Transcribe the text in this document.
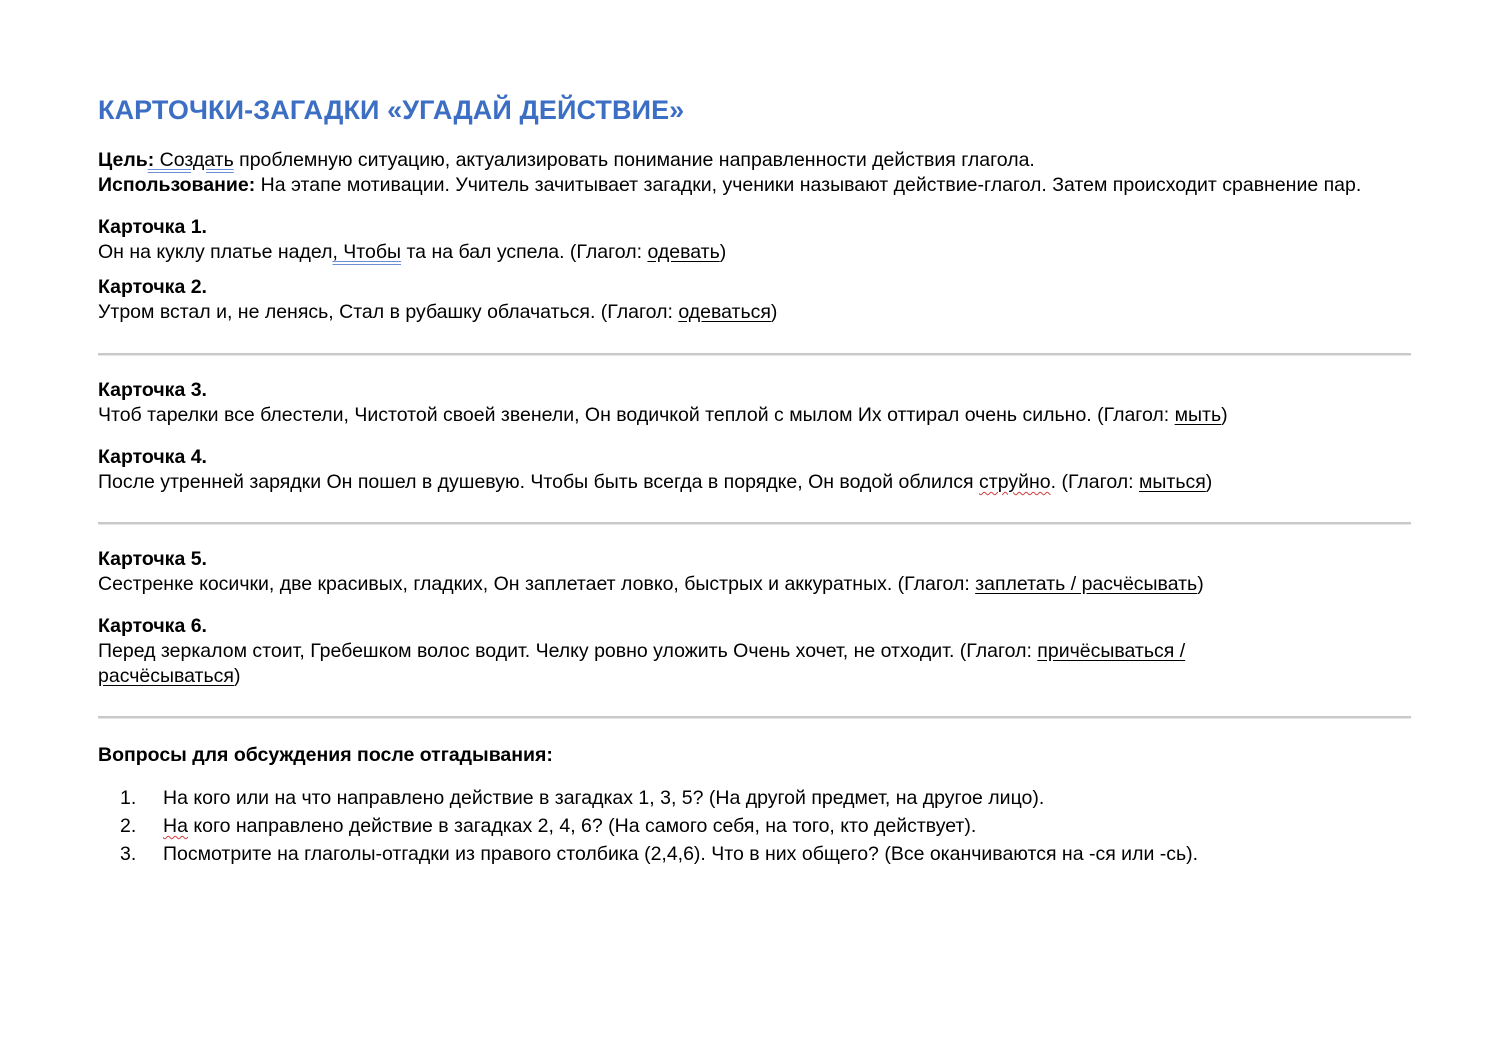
КАРТОЧКИ-ЗАГАДКИ «УГАДАЙ ДЕЙСТВИЕ»
Цель: Создать проблемную ситуацию, актуализировать понимание направленности действия глагола.
Использование: На этапе мотивации. Учитель зачитывает загадки, ученики называют действие-глагол. Затем происходит сравнение пар.
Карточка 1.
Он на куклу платье надел, Чтобы та на бал успела. (Глагол: одевать)
Карточка 2.
Утром встал и, не ленясь, Стал в рубашку облачаться. (Глагол: одеваться)
Карточка 3.
Чтоб тарелки все блестели, Чистотой своей звенели, Он водичкой теплой с мылом Их оттирал очень сильно. (Глагол: мыть)
Карточка 4.
После утренней зарядки Он пошел в душевую. Чтобы быть всегда в порядке, Он водой облился струйно. (Глагол: мыться)
Карточка 5.
Сестренке косички, две красивых, гладких, Он заплетает ловко, быстрых и аккуратных. (Глагол: заплетать / расчёсывать)
Карточка 6.
Перед зеркалом стоит, Гребешком волос водит. Челку ровно уложить Очень хочет, не отходит. (Глагол: причёсываться / расчёсываться)
Вопросы для обсуждения после отгадывания:
1.	На кого или на что направлено действие в загадках 1, 3, 5? (На другой предмет, на другое лицо).
2.	На кого направлено действие в загадках 2, 4, 6? (На самого себя, на того, кто действует).
3.	Посмотрите на глаголы-отгадки из правого столбика (2,4,6). Что в них общего? (Все оканчиваются на -ся или -сь).
